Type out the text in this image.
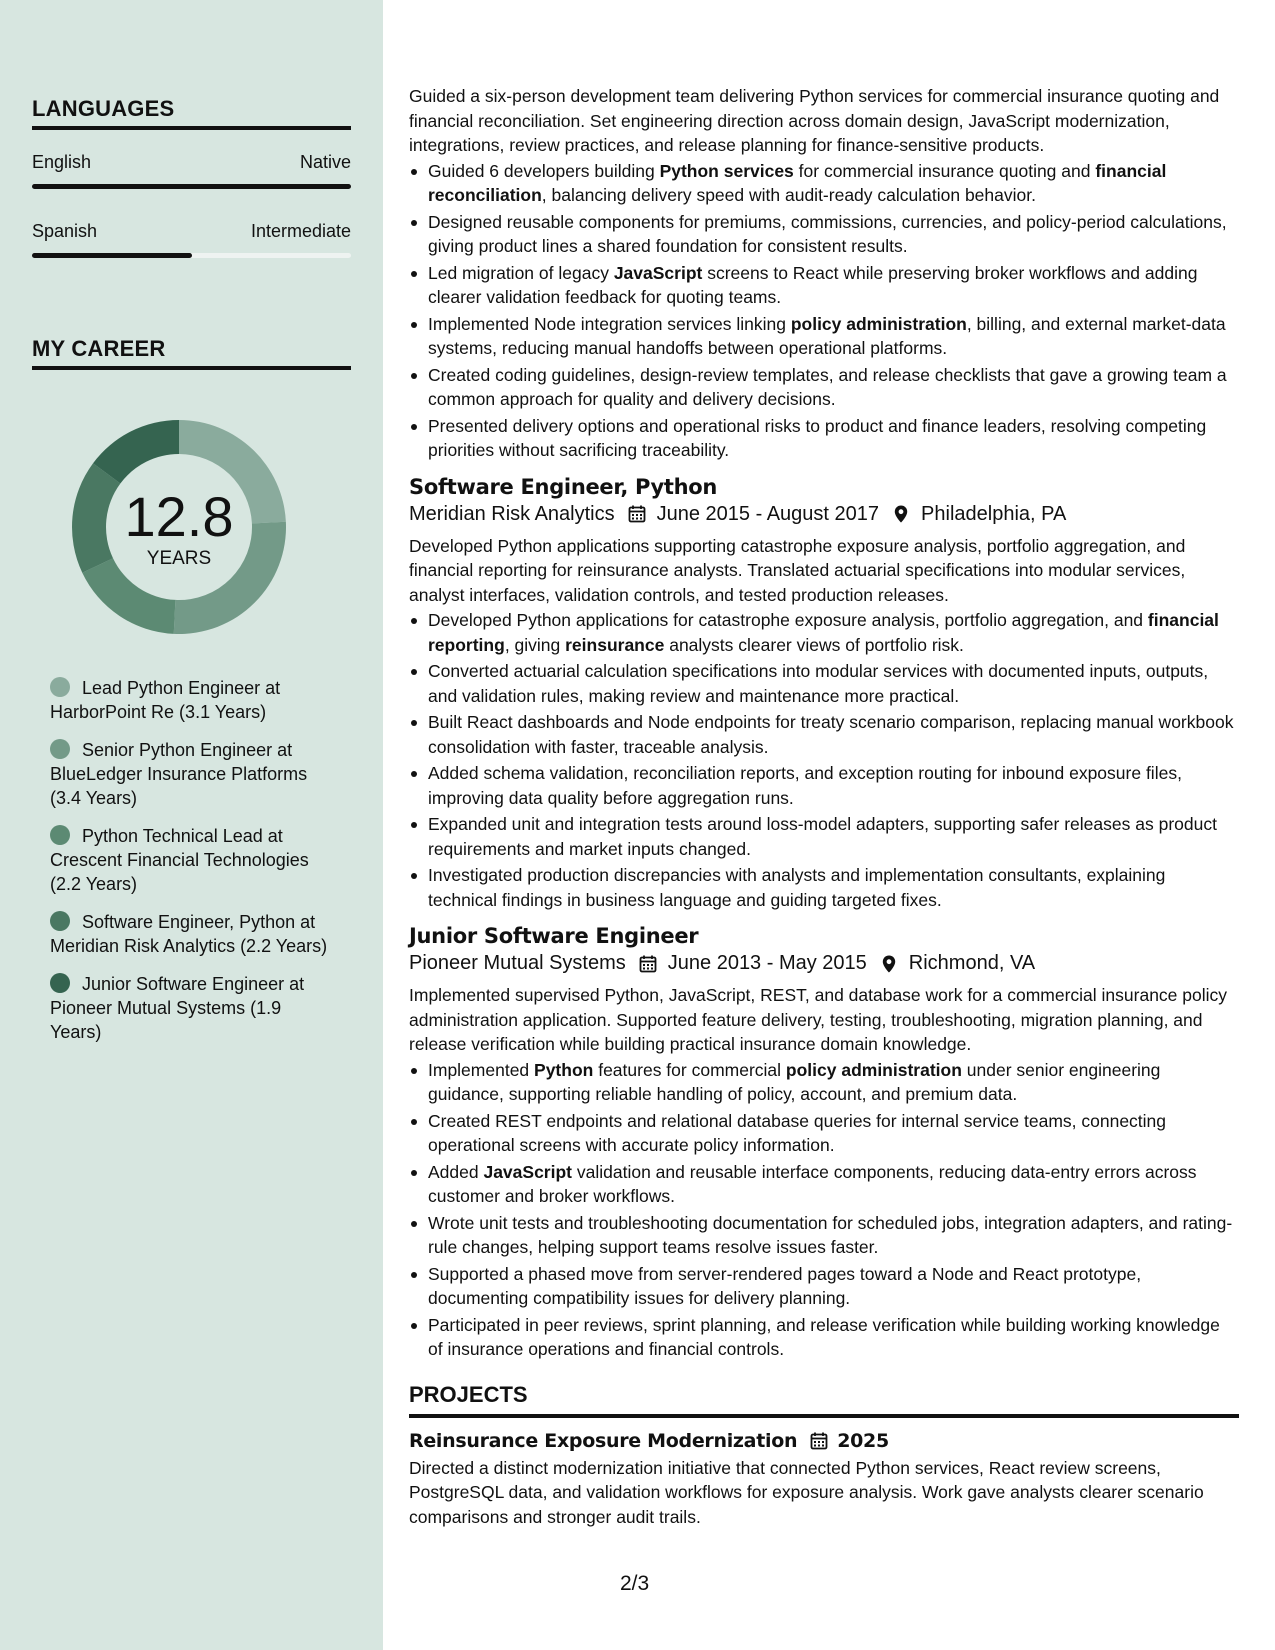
LANGUAGES
English	Native
Spanish	Intermediate
MY CAREER
12.8
YEARS
Lead Python Engineer at HarborPoint Re (3.1 Years)
Senior Python Engineer at BlueLedger Insurance Platforms (3.4 Years)
Python Technical Lead at Crescent Financial Technologies (2.2 Years)
Software Engineer, Python at Meridian Risk Analytics (2.2 Years)
Junior Software Engineer at Pioneer Mutual Systems (1.9 Years)
Guided a six-person development team delivering Python services for commercial insurance quoting and financial reconciliation. Set engineering direction across domain design, JavaScript modernization, integrations, review practices, and release planning for finance-sensitive products.
Guided 6 developers building Python services for commercial insurance quoting and financial reconciliation, balancing delivery speed with audit-ready calculation behavior.
Designed reusable components for premiums, commissions, currencies, and policy-period calculations, giving product lines a shared foundation for consistent results.
Led migration of legacy JavaScript screens to React while preserving broker workflows and adding clearer validation feedback for quoting teams.
Implemented Node integration services linking policy administration, billing, and external market-data systems, reducing manual handoffs between operational platforms.
Created coding guidelines, design-review templates, and release checklists that gave a growing team a common approach for quality and delivery decisions.
Presented delivery options and operational risks to product and finance leaders, resolving competing priorities without sacrificing traceability.
Software Engineer, Python
Meridian Risk Analytics June 2015 - August 2017 Philadelphia, PA
Developed Python applications supporting catastrophe exposure analysis, portfolio aggregation, and financial reporting for reinsurance analysts. Translated actuarial specifications into modular services, analyst interfaces, validation controls, and tested production releases.
Developed Python applications for catastrophe exposure analysis, portfolio aggregation, and financial reporting, giving reinsurance analysts clearer views of portfolio risk.
Converted actuarial calculation specifications into modular services with documented inputs, outputs, and validation rules, making review and maintenance more practical.
Built React dashboards and Node endpoints for treaty scenario comparison, replacing manual workbook consolidation with faster, traceable analysis.
Added schema validation, reconciliation reports, and exception routing for inbound exposure files, improving data quality before aggregation runs.
Expanded unit and integration tests around loss-model adapters, supporting safer releases as product requirements and market inputs changed.
Investigated production discrepancies with analysts and implementation consultants, explaining technical findings in business language and guiding targeted fixes.
Junior Software Engineer
Pioneer Mutual Systems June 2013 - May 2015 Richmond, VA
Implemented supervised Python, JavaScript, REST, and database work for a commercial insurance policy administration application. Supported feature delivery, testing, troubleshooting, migration planning, and release verification while building practical insurance domain knowledge.
Implemented Python features for commercial policy administration under senior engineering guidance, supporting reliable handling of policy, account, and premium data.
Created REST endpoints and relational database queries for internal service teams, connecting operational screens with accurate policy information.
Added JavaScript validation and reusable interface components, reducing data-entry errors across customer and broker workflows.
Wrote unit tests and troubleshooting documentation for scheduled jobs, integration adapters, and rating-rule changes, helping support teams resolve issues faster.
Supported a phased move from server-rendered pages toward a Node and React prototype, documenting compatibility issues for delivery planning.
Participated in peer reviews, sprint planning, and release verification while building working knowledge of insurance operations and financial controls.
PROJECTS
Reinsurance Exposure Modernization 2025
Directed a distinct modernization initiative that connected Python services, React review screens, PostgreSQL data, and validation workflows for exposure analysis. Work gave analysts clearer scenario comparisons and stronger audit trails.
2/3
